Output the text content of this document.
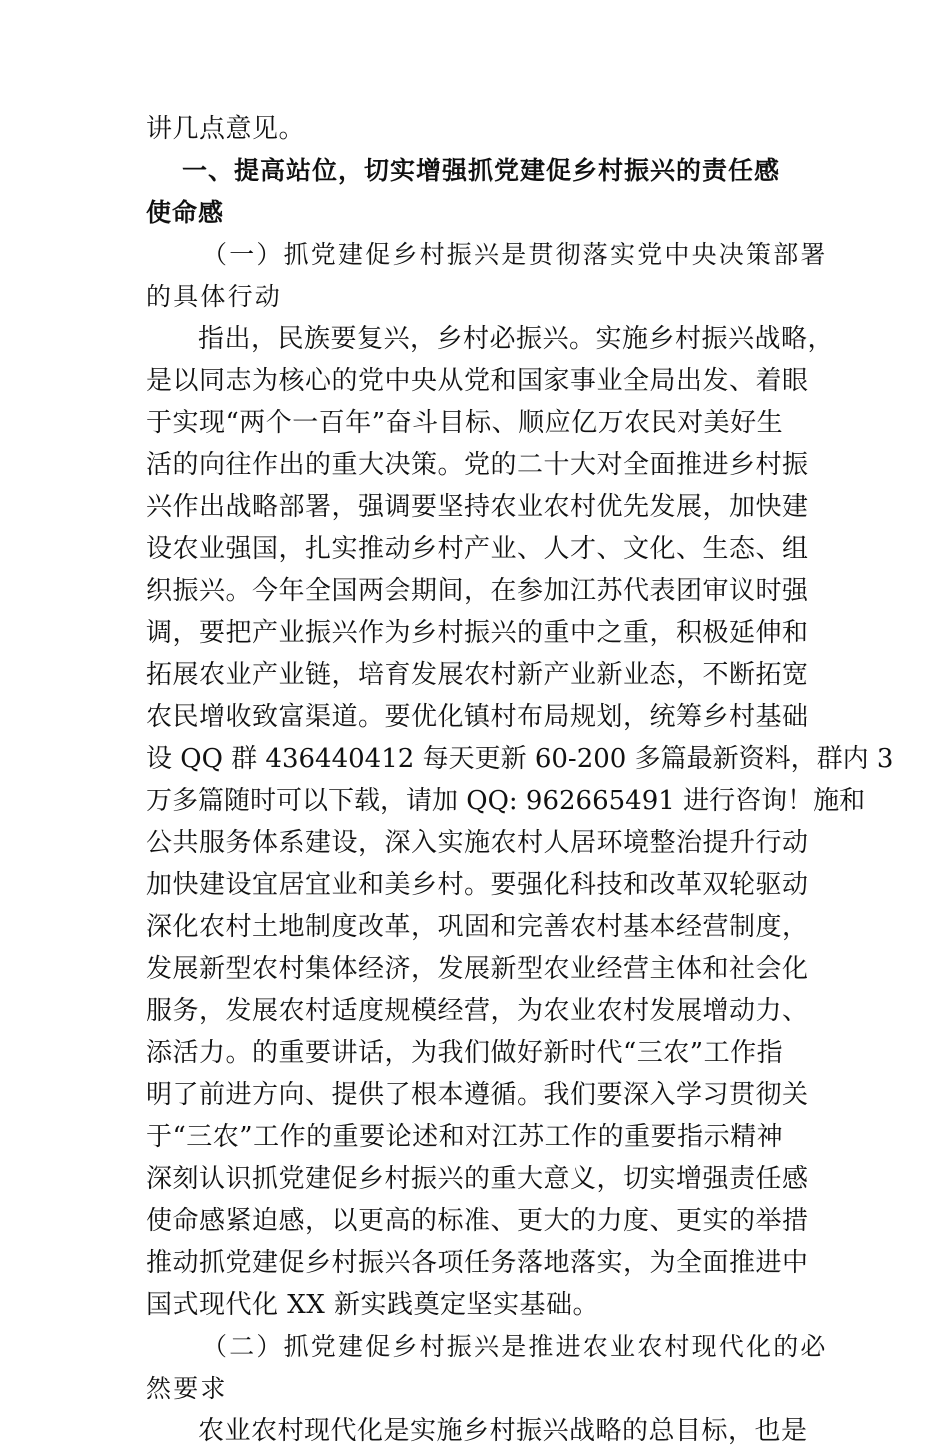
讲几点意见。
一、提高站位，切实增强抓党建促乡村振兴的责任感
使命感
（一）抓党建促乡村振兴是贯彻落实党中央决策部署
的具体行动
指出，民族要复兴，乡村必振兴。实施乡村振兴战略，
是以同志为核心的党中央从党和国家事业全局出发、着眼
于实现“两个一百年”奋斗目标、顺应亿万农民对美好生
活的向往作出的重大决策。党的二十大对全面推进乡村振
兴作出战略部署，强调要坚持农业农村优先发展，加快建
设农业强国，扎实推动乡村产业、人才、文化、生态、组
织振兴。今年全国两会期间，在参加江苏代表团审议时强
调，要把产业振兴作为乡村振兴的重中之重，积极延伸和
拓展农业产业链，培育发展农村新产业新业态，不断拓宽
农民增收致富渠道。要优化镇村布局规划，统筹乡村基础
设 QQ 群 436440412 每天更新 60-200 多篇最新资料，群内 3
万多篇随时可以下载，请加 QQ: 962665491 进行咨询！施和
公共服务体系建设，深入实施农村人居环境整治提升行动
加快建设宜居宜业和美乡村。要强化科技和改革双轮驱动
深化农村土地制度改革，巩固和完善农村基本经营制度，
发展新型农村集体经济，发展新型农业经营主体和社会化
服务，发展农村适度规模经营，为农业农村发展增动力、
添活力。的重要讲话，为我们做好新时代“三农”工作指
明了前进方向、提供了根本遵循。我们要深入学习贯彻关
于“三农”工作的重要论述和对江苏工作的重要指示精神
深刻认识抓党建促乡村振兴的重大意义，切实增强责任感
使命感紧迫感，以更高的标准、更大的力度、更实的举措
推动抓党建促乡村振兴各项任务落地落实，为全面推进中
国式现代化 XX 新实践奠定坚实基础。
（二）抓党建促乡村振兴是推进农业农村现代化的必
然要求
农业农村现代化是实施乡村振兴战略的总目标，也是
